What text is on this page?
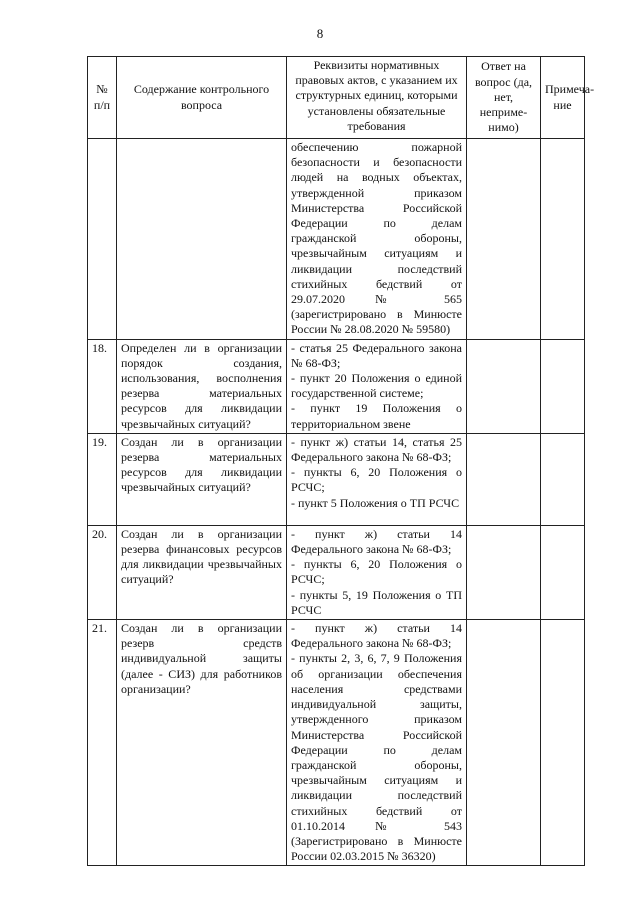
8
№ п/п	Содержание контрольного вопроса	Реквизиты нормативных правовых актов, с указанием их структурных единиц, которыми установлены обязательные требования	Ответ на вопрос (да, нет, неприме-нимо)	Примеча-ние
		обеспечению пожарной безопасности и безопасности людей на водных объектах, утвержденной приказом Министерства Российской Федерации по делам гражданской обороны, чрезвычайным ситуациям и ликвидации последствий стихийных бедствий от 29.07.2020 № 565 (зарегистрировано в Минюсте России № 28.08.2020 № 59580)		
18.	Определен ли в организации порядок создания, использования, восполнения резерва материальных ресурсов для ликвидации чрезвычайных ситуаций?	- статья 25 Федерального закона № 68-ФЗ;
- пункт 20 Положения о единой государственной системе;
- пункт 19 Положения о территориальном звене		

19.	Создан ли в организации резерва материальных ресурсов для ликвидации чрезвычайных ситуаций?	- пункт ж) статьи 14, статья 25 Федерального закона № 68-ФЗ;
- пункты 6, 20 Положения о РСЧС;
- пункт 5 Положения о ТП РСЧС		

20.	Создан ли в организации резерва финансовых ресурсов для ликвидации чрезвычайных ситуаций?	- пункт ж) статьи 14 Федерального закона № 68-ФЗ;
- пункты 6, 20 Положения о РСЧС;
- пункты 5, 19 Положения о ТП РСЧС		

21.	Создан ли в организации резерв средств индивидуальной защиты (далее - СИЗ) для работников организации?	- пункт ж) статьи 14 Федерального закона № 68-ФЗ;
- пункты 2, 3, 6, 7, 9 Положения об организации обеспечения населения средствами индивидуальной защиты, утвержденного приказом Министерства Российской Федерации по делам гражданской обороны, чрезвычайным ситуациям и ликвидации последствий стихийных бедствий от 01.10.2014 № 543 (Зарегистрировано в Минюсте России 02.03.2015 № 36320)		
